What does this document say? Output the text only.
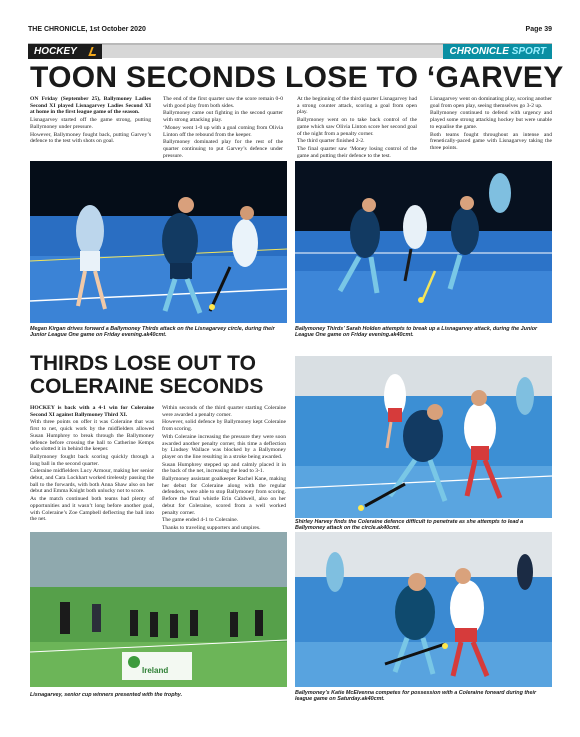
THE CHRONICLE, 1st October 2020	Page 39
HOCKEY	CHRONICLE SPORT
TOON SECONDS LOSE TO ‘GARVEY

ON Friday (September 25), Ballymoney Ladies Second XI played Lisnagarvey Ladies Second XI at home in the first league game of the season.

Lisnagarvey started off the game strong, putting Ballymoney under pressure.

However, Ballymoney fought back, putting Garvey’s defence to the test with shots on goal.

The end of the first quarter saw the score remain 0-0 with good play from both sides.

Ballymoney came out fighting in the second quarter with strong attacking play.

‘Money went 1-0 up with a goal coming from Olivia Linton off the rebound from the keeper.

Ballymoney dominated play for the rest of the quarter continuing to put Garvey’s defence under pressure.

At the beginning of the third quarter Lisnagarvey had a strong counter attack, scoring a goal from open play.

Ballymoney went on to take back control of the game which saw Olivia Linton score her second goal of the night from a penalty corner.

The third quarter finished 2-2.

The final quarter saw ‘Money losing control of the game and putting their defence to the test.

Lisnagarvey went on dominating play, scoring another goal from open play, seeing themselves go 3-2 up.

Ballymoney continued to defend with urgency and played some strong attacking hockey but were unable to equalise the game.

Both teams fought throughout an intense and frenetically-paced game with Lisnagarvey taking the three points.

Megan Kirgan drives forward a Ballymoney Thirds attack on the Lisnagarvey circle, during their Junior League One game on Friday evening.ak40cmt.
Ballymoney Thirds’ Sarah Holden attempts to break up a Lisnagarvey attack, during the Junior League One game on Friday evening.ak40cmt.
THIRDS LOSE OUT TO
COLERAINE SECONDS

HOCKEY is back with a 4-1 win for Coleraine Second XI against Ballymoney Third XI.

With three points on offer it was Coleraine that was first to net, quick work by the midfielders allowed Susan Humphrey to break through the Ballymoney defence before crossing the ball to Catherine Kemps who slotted it in behind the keeper.

Ballymoney fought back scoring quickly through a long ball in the second quarter.

Coleraine midfielders Lucy Armour, making her senior debut, and Cara Lockhart worked tirelessly passing the ball to the forwards, with both Anna Shaw also on her debut and Emma Knight both unlucky not to score.

As the match continued both teams had plenty of opportunities and it wasn’t long before another goal, with Coleraine’s Zoe Campbell deflecting the ball into the net.

Within seconds of the third quarter starting Coleraine were awarded a penalty corner.

However, solid defence by Ballymoney kept Coleraine from scoring.

With Coleraine increasing the pressure they were soon awarded another penalty corner, this time a deflection by Lindsey Wallace was blocked by a Ballymoney player on the line resulting in a stroke being awarded.

Susan Humphrey stepped up and calmly placed it in the back of the net, increasing the lead to 3-1.

Ballymoney assistant goalkeeper Rachel Kane, making her debut for Coleraine along with the regular defenders, were able to stop Ballymoney from scoring. Before the final whistle Erin Caldwell, also on her debut for Coleraine, scored from a well worked penalty corner.

The game ended 4-1 to Coleraine.

Thanks to traveling supporters and umpires.

Shirley Harvey finds the Coleraine defence difficult to penetrate as she attempts to lead a Ballymoney attack on the circle.ak40cmt.
Ireland
Lisnagarvey, senior cup winners presented with the trophy.	Ballymoney’s Katie McElvenna competes for possession with a Coleraine forward during their league game on Saturday.ak40cmt.
